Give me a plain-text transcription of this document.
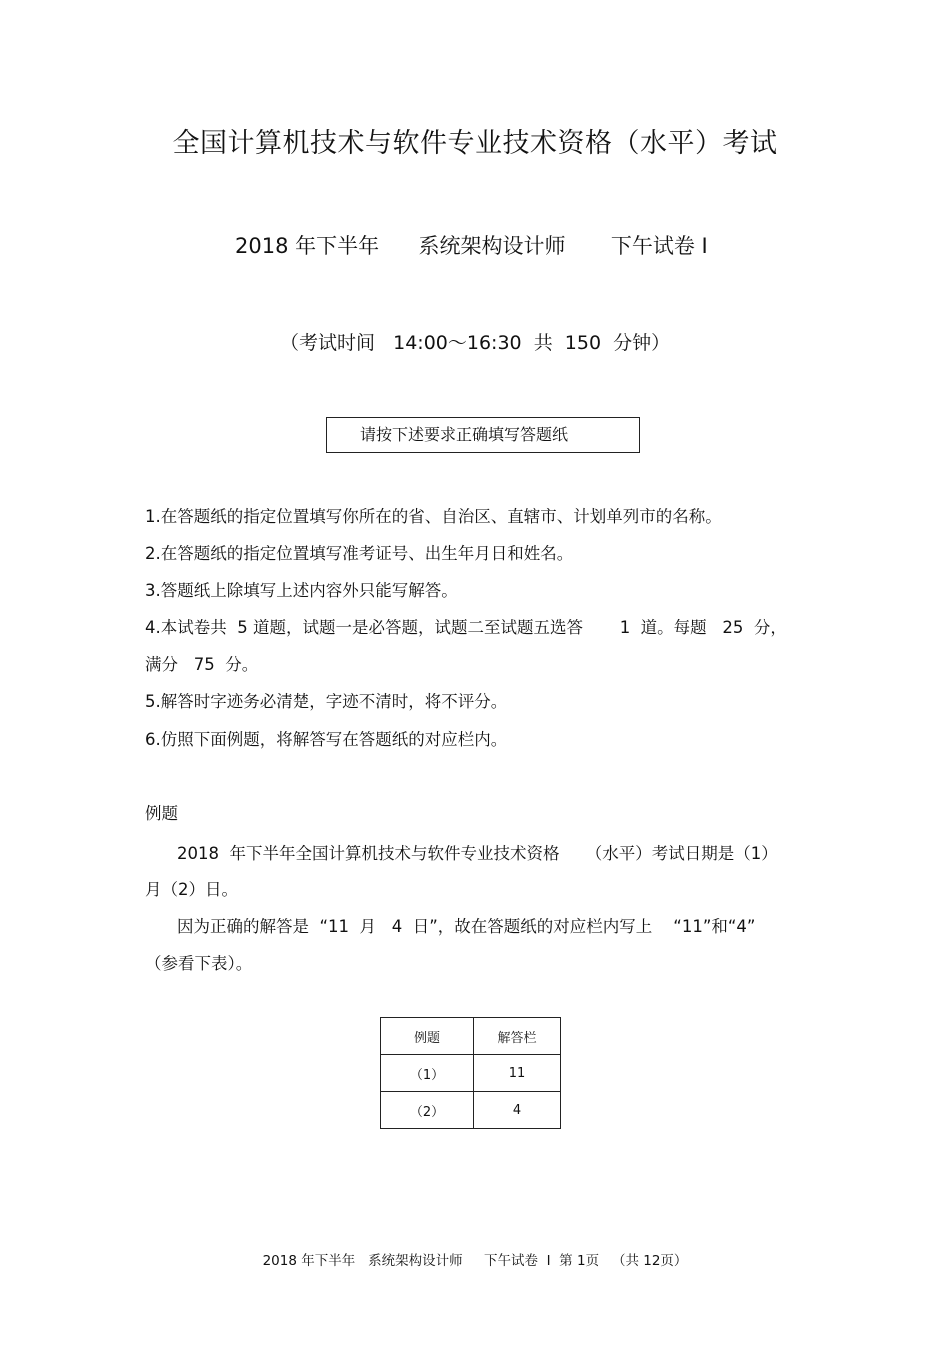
全国计算机技术与软件专业技术资格（水平）考试
2018 年下半年 系统架构设计师 下午试卷 I
（考试时间   14:00～16:30  共  150  分钟）
请按下述要求正确填写答题纸
1.在答题纸的指定位置填写你所在的省、自治区、直辖市、计划单列市的名称。
2.在答题纸的指定位置填写准考证号、出生年月日和姓名。
3.答题纸上除填写上述内容外只能写解答。
4.本试卷共  5 道题，试题一是必答题，试题二至试题五选答       1  道。每题   25  分，
满分   75  分。
5.解答时字迹务必清楚，字迹不清时，将不评分。
6.仿照下面例题，将解答写在答题纸的对应栏内。
例题
2018  年下半年全国计算机技术与软件专业技术资格     （水平）考试日期是（1）
月（2）日。
因为正确的解答是  “11  月   4  日”，故在答题纸的对应栏内写上    “11”和“4”
（参看下表）。
例题	解答栏
（1）	11
（2）	4
2018 年下半年   系统架构设计师     下午试卷  I  第 1页   （共 12页）
